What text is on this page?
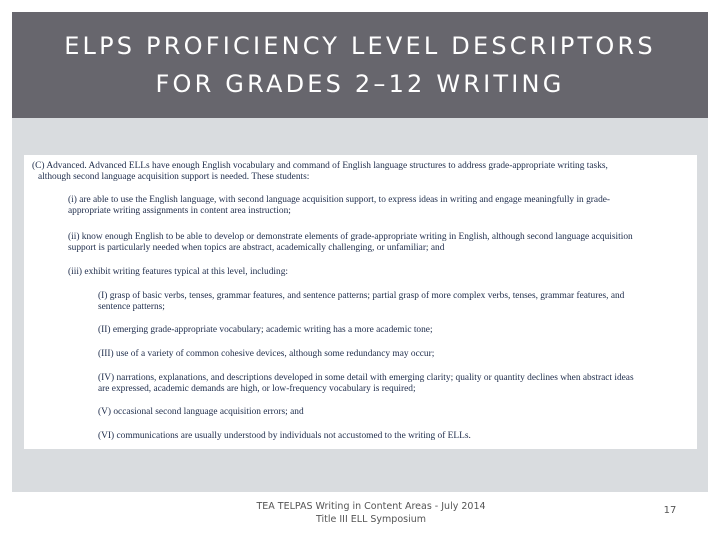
ELPS PROFICIENCY LEVEL DESCRIPTORS
FOR GRADES 2–12 WRITING
(C) Advanced. Advanced ELLs have enough English vocabulary and command of English language structures to address grade-appropriate writing tasks,
although second language acquisition support is needed. These students:
(i) are able to use the English language, with second language acquisition support, to express ideas in writing and engage meaningfully in grade-
appropriate writing assignments in content area instruction;
(ii) know enough English to be able to develop or demonstrate elements of grade-appropriate writing in English, although second language acquisition
support is particularly needed when topics are abstract, academically challenging, or unfamiliar; and
(iii) exhibit writing features typical at this level, including:
(I) grasp of basic verbs, tenses, grammar features, and sentence patterns; partial grasp of more complex verbs, tenses, grammar features, and
sentence patterns;
(II) emerging grade-appropriate vocabulary; academic writing has a more academic tone;
(III) use of a variety of common cohesive devices, although some redundancy may occur;
(IV) narrations, explanations, and descriptions developed in some detail with emerging clarity; quality or quantity declines when abstract ideas
are expressed, academic demands are high, or low-frequency vocabulary is required;
(V) occasional second language acquisition errors; and
(VI) communications are usually understood by individuals not accustomed to the writing of ELLs.
TEA TELPAS Writing in Content Areas - July 2014
Title III ELL Symposium
17
